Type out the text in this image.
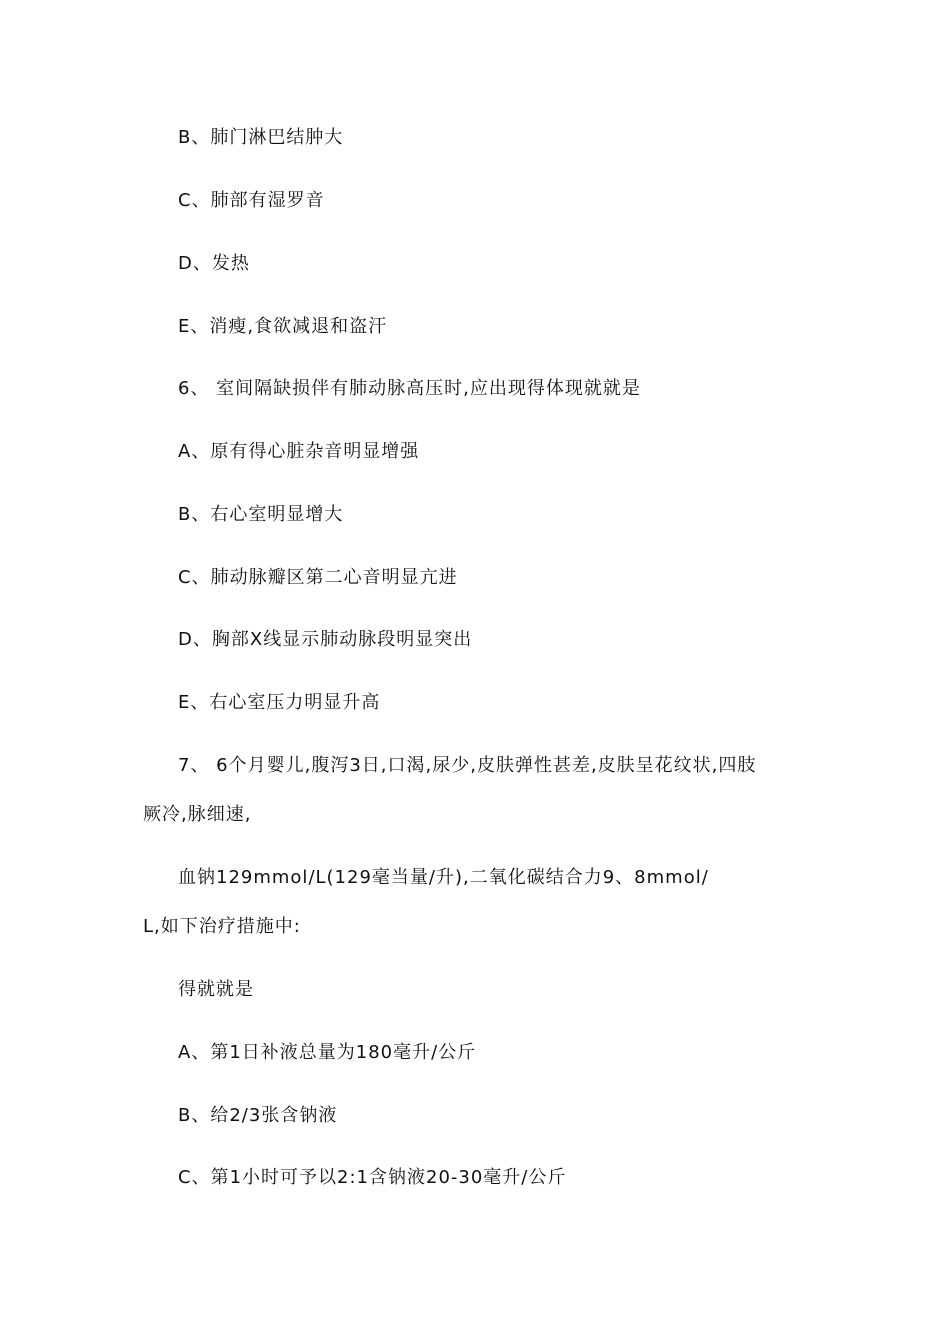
B、肺门淋巴结肿大
C、肺部有湿罗音
D、发热
E、消瘦,食欲减退和盗汗
6、 室间隔缺损伴有肺动脉高压时,应出现得体现就就是
A、原有得心脏杂音明显增强
B、右心室明显增大
C、肺动脉瓣区第二心音明显亢进
D、胸部X线显示肺动脉段明显突出
E、右心室压力明显升高
7、 6个月婴儿,腹泻3日,口渴,尿少,皮肤弹性甚差,皮肤呈花纹状,四肢
厥冷,脉细速,
血钠129mmol/L(129毫当量/升),二氧化碳结合力9、8mmol/
L,如下治疗措施中:
得就就是
A、第1日补液总量为180毫升/公斤
B、给2/3张含钠液
C、第1小时可予以2:1含钠液20-30毫升/公斤
